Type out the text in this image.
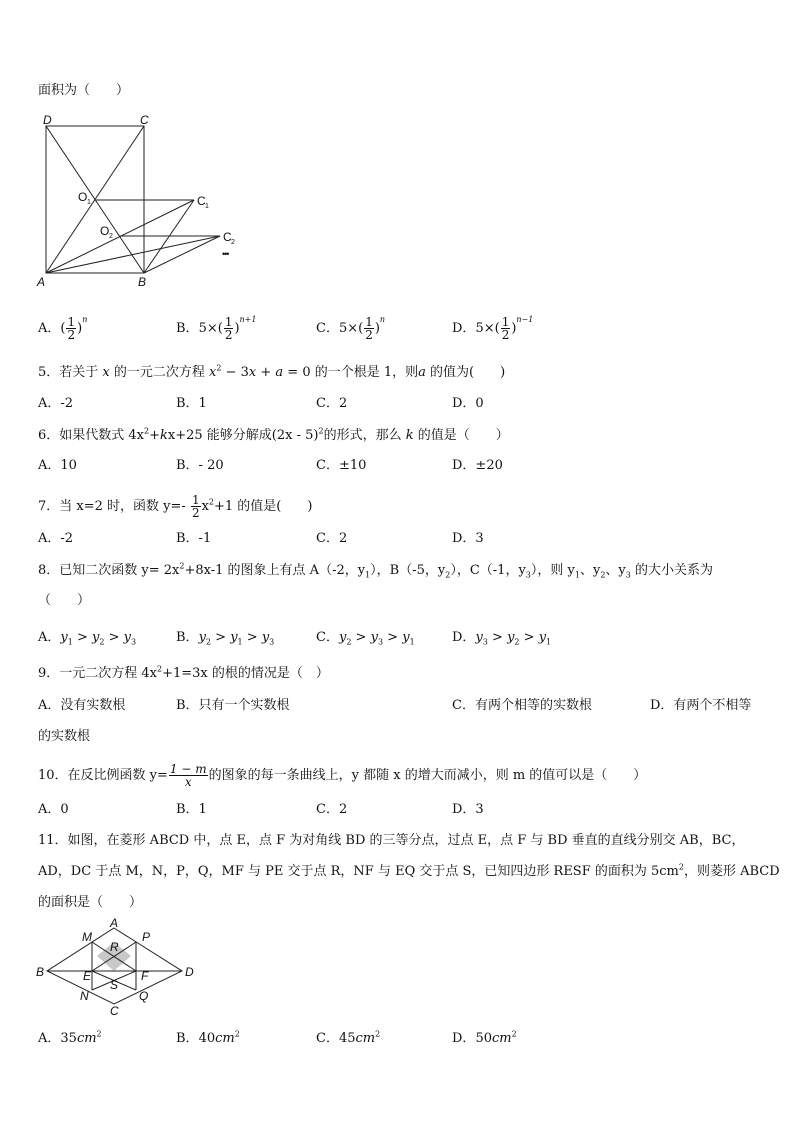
面积为（　　）
D	C
O 1	C 1
O 2	C 2
•••
A	B
A．( $\frac{1}{2} )^n$
B．$5\times( \frac{1}{2} )^{n+1}$
C．$5\times( \frac{1}{2} )^n$
D．$5\times( \frac{1}{2} )^{n-1}$
5．若关于 x 的一元二次方程 $x^2 - 3x + a = 0$ 的一个根是 1，则a 的值为(　　)
A．-2	B．1	C．2	D．0
6．如果代数式 $4x^2+kx+25$ 能够分解成(2x - 5)$^2$的形式，那么 k 的值是（　　）
A．10	B．- 20	C．±10	D．±20
7．当 x=2 时，函数 $y=- \frac{1}{2} x^2+1$ 的值是(　　)
A．-2	B．-1	C．2	D．3
8．已知二次函数 $y= 2x^2+8x-1$ 的图象上有点 A（-2，$y_1$），B（-5，$y_2$），C（-1，$y_3$），则 $y_1$、$y_2$、$y_3$ 的大小关系为
（　　）
A．$y_1 > y_2 > y_3$	B．$y_2 > y_1 > y_3$	C．$y_2 > y_3 > y_1$	D．$y_3 > y_2 > y_1$
9．一元二次方程 $4x^2+1=3x$ 的根的情况是（　）
A．没有实数根	B．只有一个实数根	C．有两个相等的实数根	D．有两个不相等
的实数根
10．在反比例函数 $y= \frac{1 - m}{x}$ 的图象的每一条曲线上，y 都随 x 的增大而减小，则 m 的值可以是（　　）
A．0	B．1	C．2	D．3
11．如图，在菱形 ABCD 中，点 E，点 F 为对角线 BD 的三等分点，过点 E，点 F 与 BD 垂直的直线分别交 AB，BC，
AD，DC 于点 M，N，P，Q，MF 与 PE 交于点 R，NF 与 EQ 交于点 S，已知四边形 RESF 的面积为 $5cm^2$，则菱形 ABCD
的面积是（　　）
A
M	P
R
B	E	F	D
N
S
Q
C
A．$35cm^2$	B．$40cm^2$	C．$45cm^2$	D．$50cm^2$
